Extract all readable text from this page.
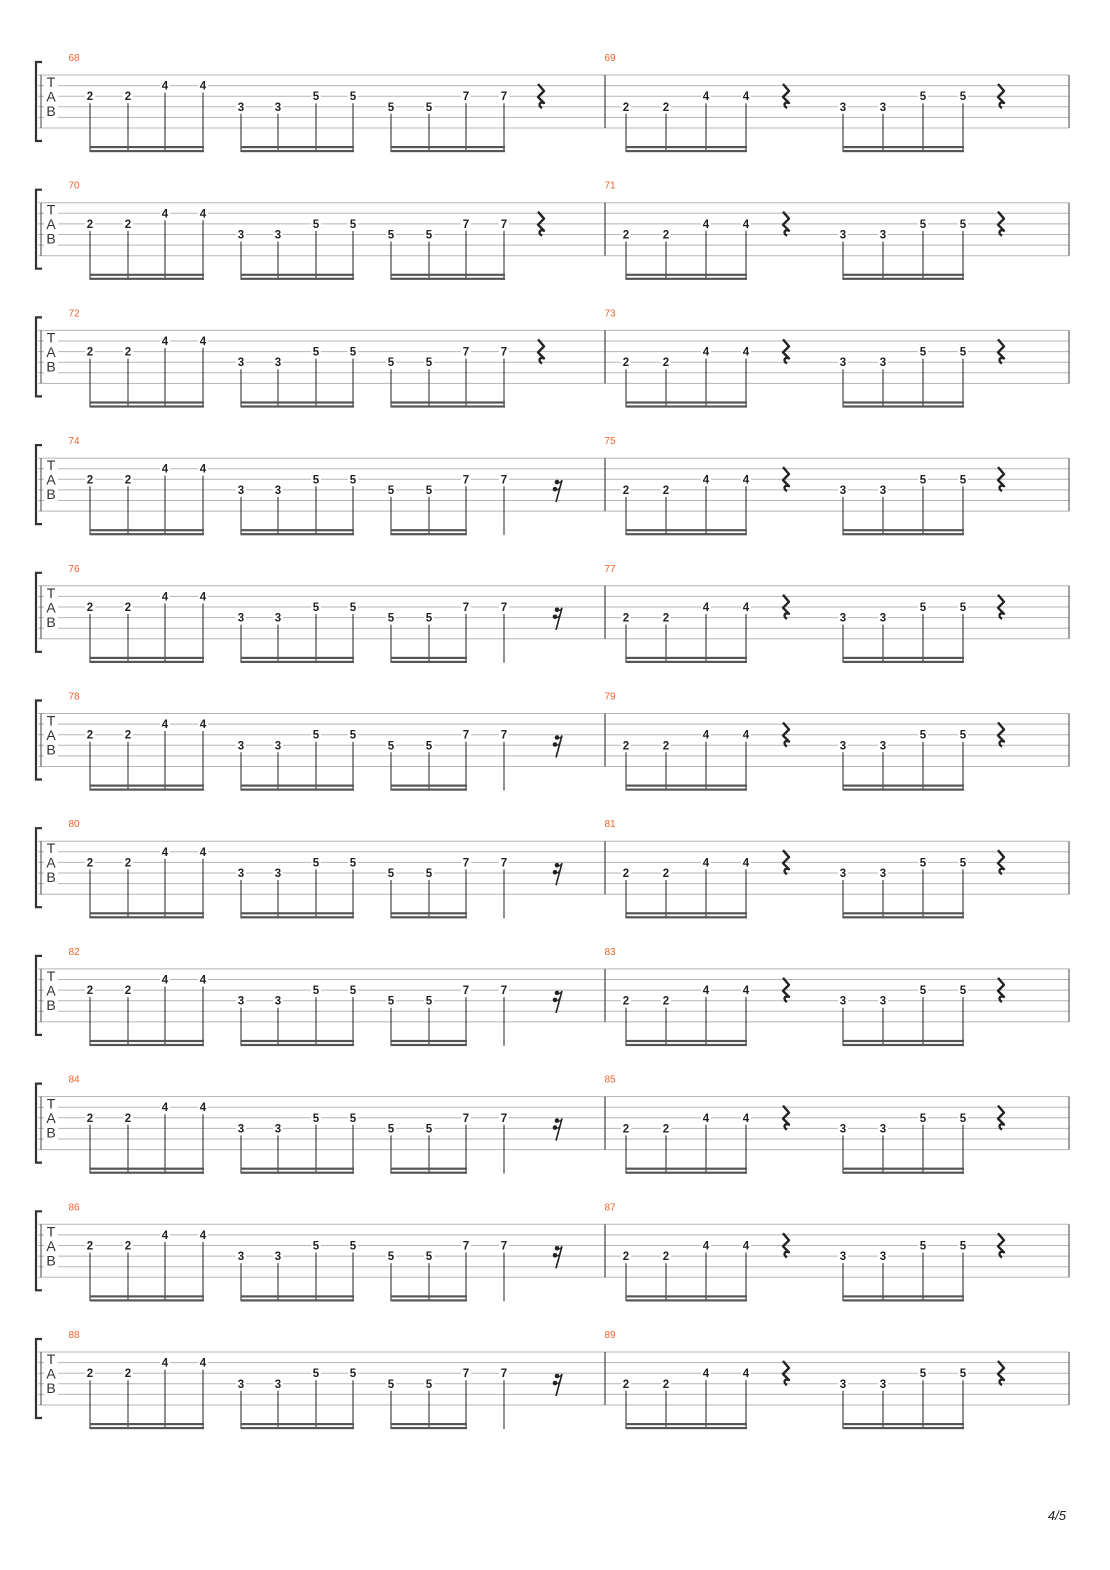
T
A
B
68	69
2	2
4	4
3	3
5	5
5	5
7	7
2	2
4	4
3	3
5	5
T
A
B
70	71
2	2
4	4
3	3
5	5
5	5
7	7
2	2
4	4
3	3
5	5
T
A
B
72	73
2	2
4	4
3	3
5	5
5	5
7	7
2	2
4	4
3	3
5	5
T
A
B
74	75
2	2
4	4
3	3
5	5
5	5
7	7
2	2
4	4
3	3
5	5
T
A
B
76	77
2	2
4	4
3	3
5	5
5	5
7	7
2	2
4	4
3	3
5	5
T
A
B
78	79
2	2
4	4
3	3
5	5
5	5
7	7
2	2
4	4
3	3
5	5
T
A
B
80	81
2	2
4	4
3	3
5	5
5	5
7	7
2	2
4	4
3	3
5	5
T
A
B
82	83
2	2
4	4
3	3
5	5
5	5
7	7
2	2
4	4
3	3
5	5
T
A
B
84	85
2	2
4	4
3	3
5	5
5	5
7	7
2	2
4	4
3	3
5	5
T
A
B
86	87
2	2
4	4
3	3
5	5
5	5
7	7
2	2
4	4
3	3
5	5
T
A
B
88	89
2	2
4	4
3	3
5	5
5	5
7	7
2	2
4	4
3	3
5	5
4/5
